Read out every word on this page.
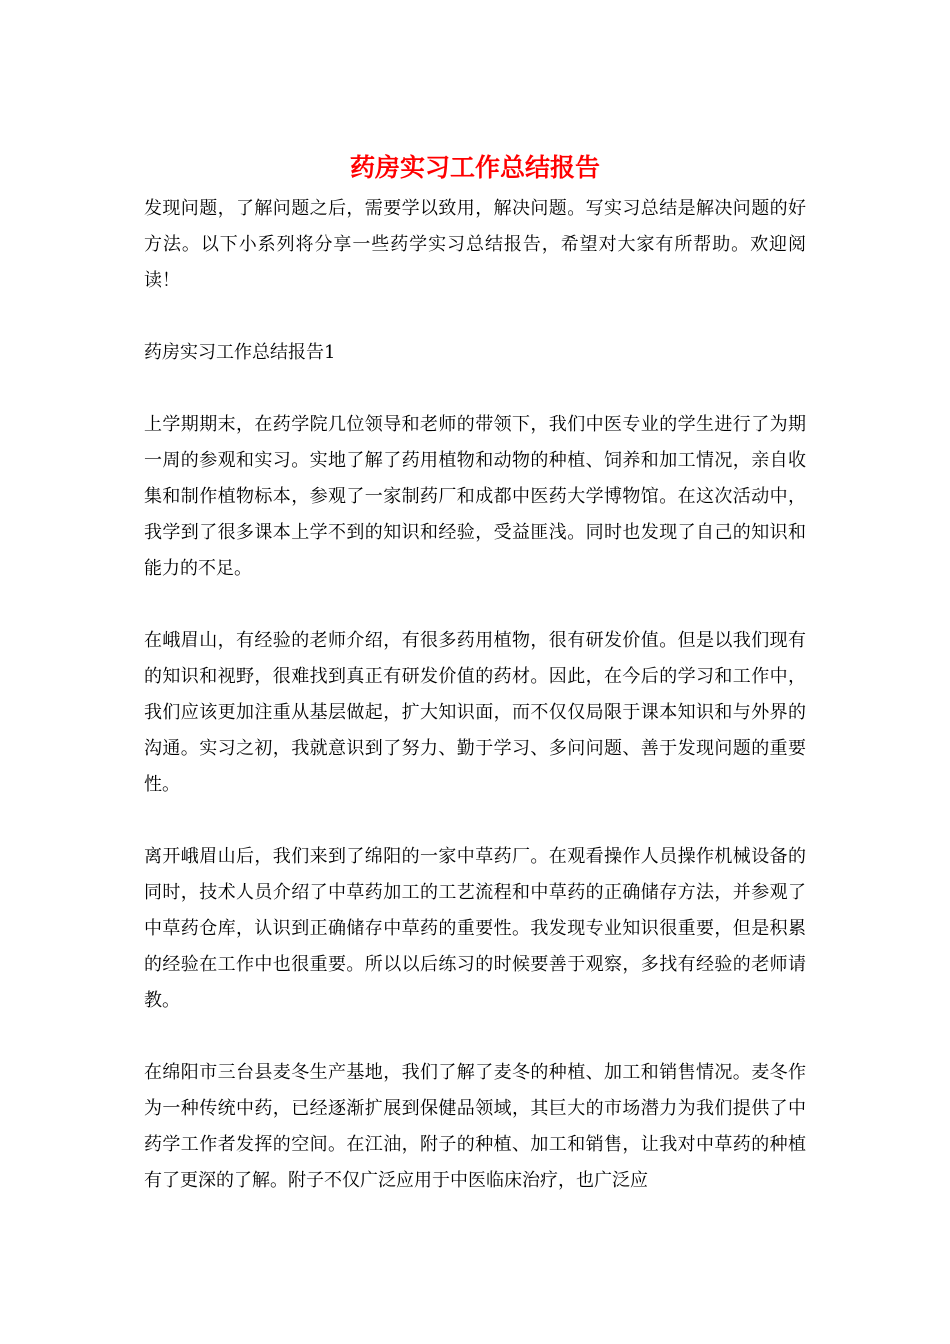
药房实习工作总结报告

发现问题，了解问题之后，需要学以致用，解决问题。写实习总结是解决问题的好方法。以下小系列将分享一些药学实习总结报告，希望对大家有所帮助。欢迎阅读！

药房实习工作总结报告1

上学期期末，在药学院几位领导和老师的带领下，我们中医专业的学生进行了为期一周的参观和实习。实地了解了药用植物和动物的种植、饲养和加工情况，亲自收集和制作植物标本，参观了一家制药厂和成都中医药大学博物馆。在这次活动中，我学到了很多课本上学不到的知识和经验，受益匪浅。同时也发现了自己的知识和能力的不足。

在峨眉山，有经验的老师介绍，有很多药用植物，很有研发价值。但是以我们现有的知识和视野，很难找到真正有研发价值的药材。因此，在今后的学习和工作中，我们应该更加注重从基层做起，扩大知识面，而不仅仅局限于课本知识和与外界的沟通。实习之初，我就意识到了努力、勤于学习、多问问题、善于发现问题的重要性。

离开峨眉山后，我们来到了绵阳的一家中草药厂。在观看操作人员操作机械设备的同时，技术人员介绍了中草药加工的工艺流程和中草药的正确储存方法，并参观了中草药仓库，认识到正确储存中草药的重要性。我发现专业知识很重要，但是积累的经验在工作中也很重要。所以以后练习的时候要善于观察，多找有经验的老师请教。

在绵阳市三台县麦冬生产基地，我们了解了麦冬的种植、加工和销售情况。麦冬作为一种传统中药，已经逐渐扩展到保健品领域，其巨大的市场潜力为我们提供了中药学工作者发挥的空间。在江油，附子的种植、加工和销售，让我对中草药的种植有了更深的了解。附子不仅广泛应用于中医临床治疗，也广泛应
